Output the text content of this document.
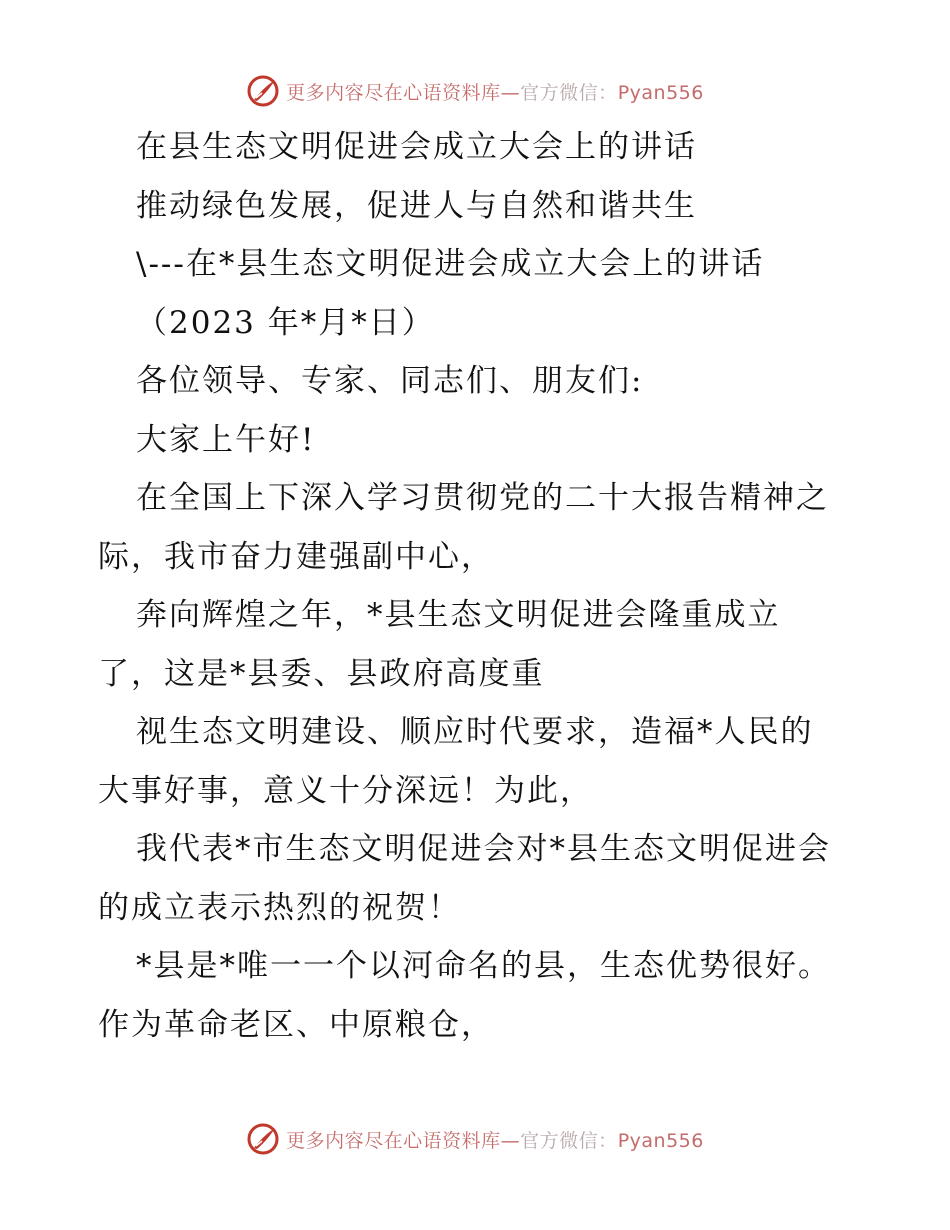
更多内容尽在心语资料库—官方微信：Pyan556
在县生态文明促进会成立大会上的讲话
推动绿色发展，促进人与自然和谐共生
\---在*县生态文明促进会成立大会上的讲话
（2023 年*月*日）
各位领导、专家、同志们、朋友们:
大家上午好!
在全国上下深入学习贯彻党的二十大报告精神之
际，我市奋力建强副中心，
奔向辉煌之年，*县生态文明促进会隆重成立
了，这是*县委、县政府高度重
视生态文明建设、顺应时代要求，造福*人民的
大事好事，意义十分深远！为此，
我代表*市生态文明促进会对*县生态文明促进会
的成立表示热烈的祝贺！
*县是*唯一一个以河命名的县，生态优势很好。
作为革命老区、中原粮仓，
更多内容尽在心语资料库—官方微信：Pyan556
